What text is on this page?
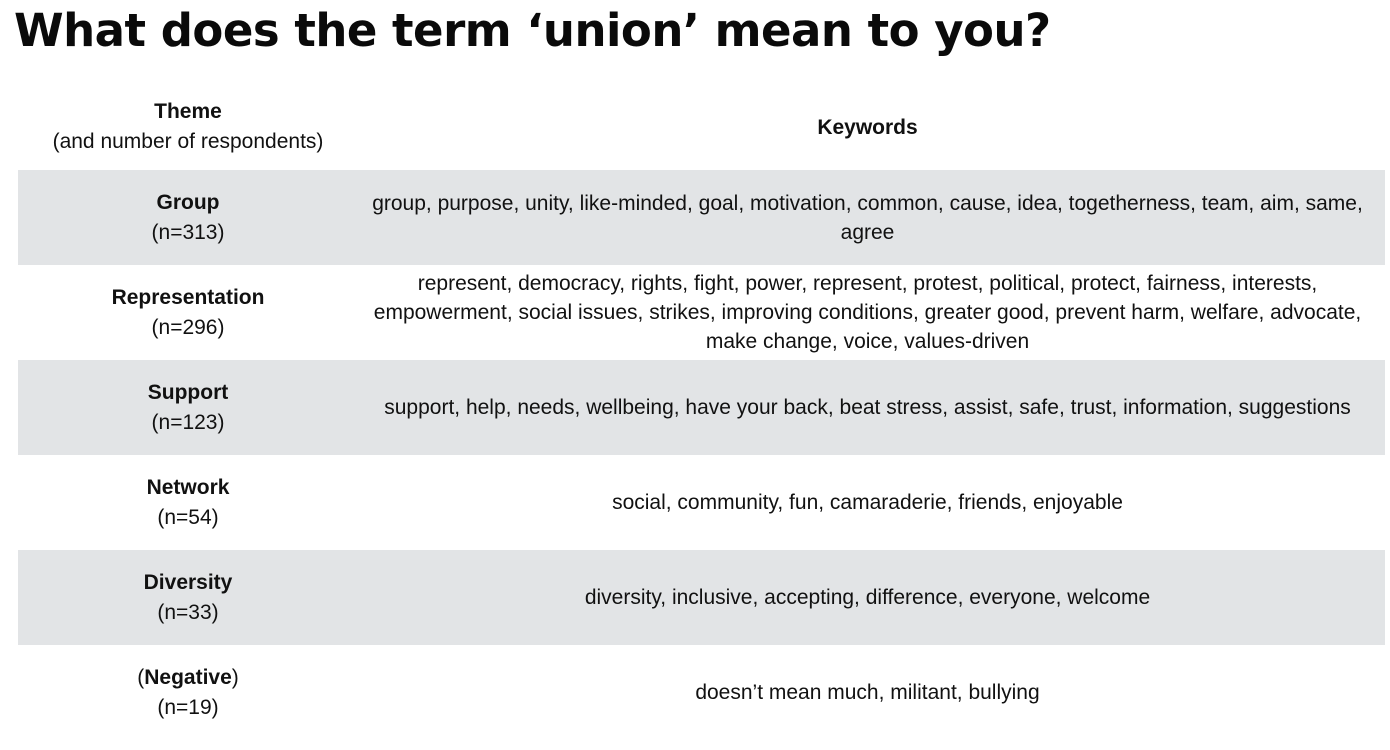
What does the term ‘union’ mean to you?
Theme
(and number of respondents)
Keywords
Group
(n=313)
group, purpose, unity, like-minded, goal, motivation, common, cause, idea, togetherness, team, aim, same, agree
Representation
(n=296)
represent, democracy, rights, fight, power, represent, protest, political, protect, fairness, interests, empowerment, social issues, strikes, improving conditions, greater good, prevent harm, welfare, advocate, make change, voice, values-driven
Support
(n=123)
support, help, needs, wellbeing, have your back, beat stress, assist, safe, trust, information, suggestions
Network
(n=54)
social, community, fun, camaraderie, friends, enjoyable
Diversity
(n=33)
diversity, inclusive, accepting, difference, everyone, welcome
(Negative)
(n=19)
doesn’t mean much, militant, bullying
